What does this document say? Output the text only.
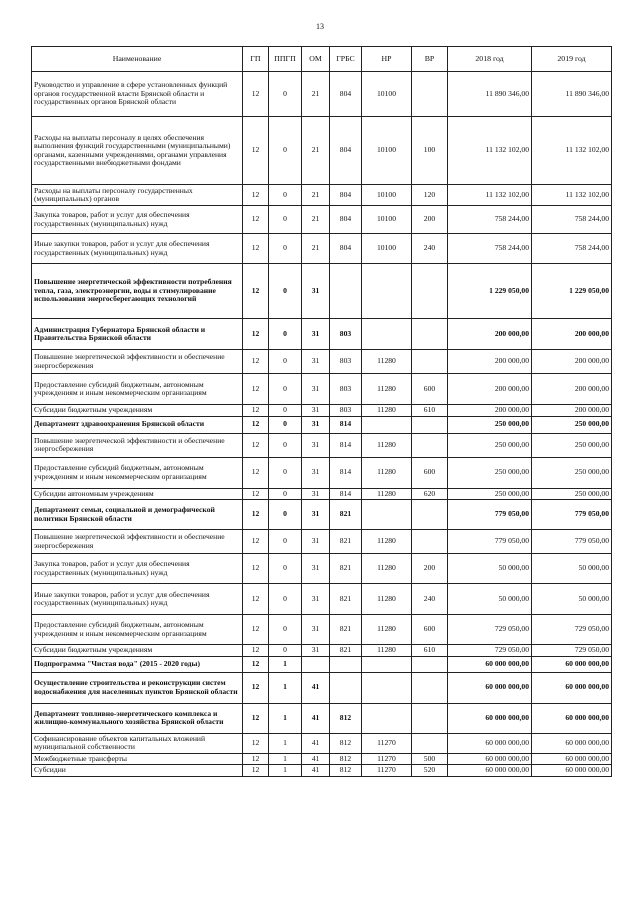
13
Наименование	ГП	ППГП	ОМ	ГРБС	НР	ВР	2018 год	2019 год
Руководство и управление в сфере установленных функций органов государственной власти Брянской области и государственных органов Брянской области	12	0	21	804	10100		11 890 346,00	11 890 346,00
Расходы на выплаты персоналу в целях обеспечения выполнения функций государственными (муниципальными) органами, казенными учреждениями, органами управления государственными внебюджетными фондами	12	0	21	804	10100	100	11 132 102,00	11 132 102,00
Расходы на выплаты персоналу государственных (муниципальных) органов	12	0	21	804	10100	120	11 132 102,00	11 132 102,00
Закупка товаров, работ и услуг для обеспечения государственных (муниципальных) нужд	12	0	21	804	10100	200	758 244,00	758 244,00
Иные закупки товаров, работ и услуг для обеспечения государственных (муниципальных) нужд	12	0	21	804	10100	240	758 244,00	758 244,00
Повышение энергетической эффективности потребления тепла, газа, электроэнергии, воды и стимулирование использования энергосберегающих технологий	12	0	31				1 229 050,00	1 229 050,00
Администрация Губернатора Брянской области и Правительства Брянской области	12	0	31	803			200 000,00	200 000,00
Повышение энергетической эффективности и обеспечение энергосбережения	12	0	31	803	11280		200 000,00	200 000,00
Предоставление субсидий бюджетным, автономным учреждениям и иным некоммерческим организациям	12	0	31	803	11280	600	200 000,00	200 000,00
Субсидии бюджетным учреждениям	12	0	31	803	11280	610	200 000,00	200 000,00
Департамент здравоохранения Брянской области	12	0	31	814			250 000,00	250 000,00
Повышение энергетической эффективности и обеспечение энергосбережения	12	0	31	814	11280		250 000,00	250 000,00
Предоставление субсидий бюджетным, автономным учреждениям и иным некоммерческим организациям	12	0	31	814	11280	600	250 000,00	250 000,00
Субсидии автономным учреждениям	12	0	31	814	11280	620	250 000,00	250 000,00
Департамент семьи, социальной и демографической политики Брянской области	12	0	31	821			779 050,00	779 050,00
Повышение энергетической эффективности и обеспечение энергосбережения	12	0	31	821	11280		779 050,00	779 050,00
Закупка товаров, работ и услуг для обеспечения государственных (муниципальных) нужд	12	0	31	821	11280	200	50 000,00	50 000,00
Иные закупки товаров, работ и услуг для обеспечения государственных (муниципальных) нужд	12	0	31	821	11280	240	50 000,00	50 000,00
Предоставление субсидий бюджетным, автономным учреждениям и иным некоммерческим организациям	12	0	31	821	11280	600	729 050,00	729 050,00
Субсидии бюджетным учреждениям	12	0	31	821	11280	610	729 050,00	729 050,00
Подпрограмма "Чистая вода" (2015 - 2020 годы)	12	1					60 000 000,00	60 000 000,00
Осуществление строительства и реконструкции систем водоснабжения для населенных пунктов Брянской области	12	1	41				60 000 000,00	60 000 000,00
Департамент топливно-энергетического комплекса и жилищно-коммунального хозяйства Брянской области	12	1	41	812			60 000 000,00	60 000 000,00
Софинансирование объектов капитальных вложений муниципальной собственности	12	1	41	812	11270		60 000 000,00	60 000 000,00
Межбюджетные трансферты	12	1	41	812	11270	500	60 000 000,00	60 000 000,00
Субсидии	12	1	41	812	11270	520	60 000 000,00	60 000 000,00
